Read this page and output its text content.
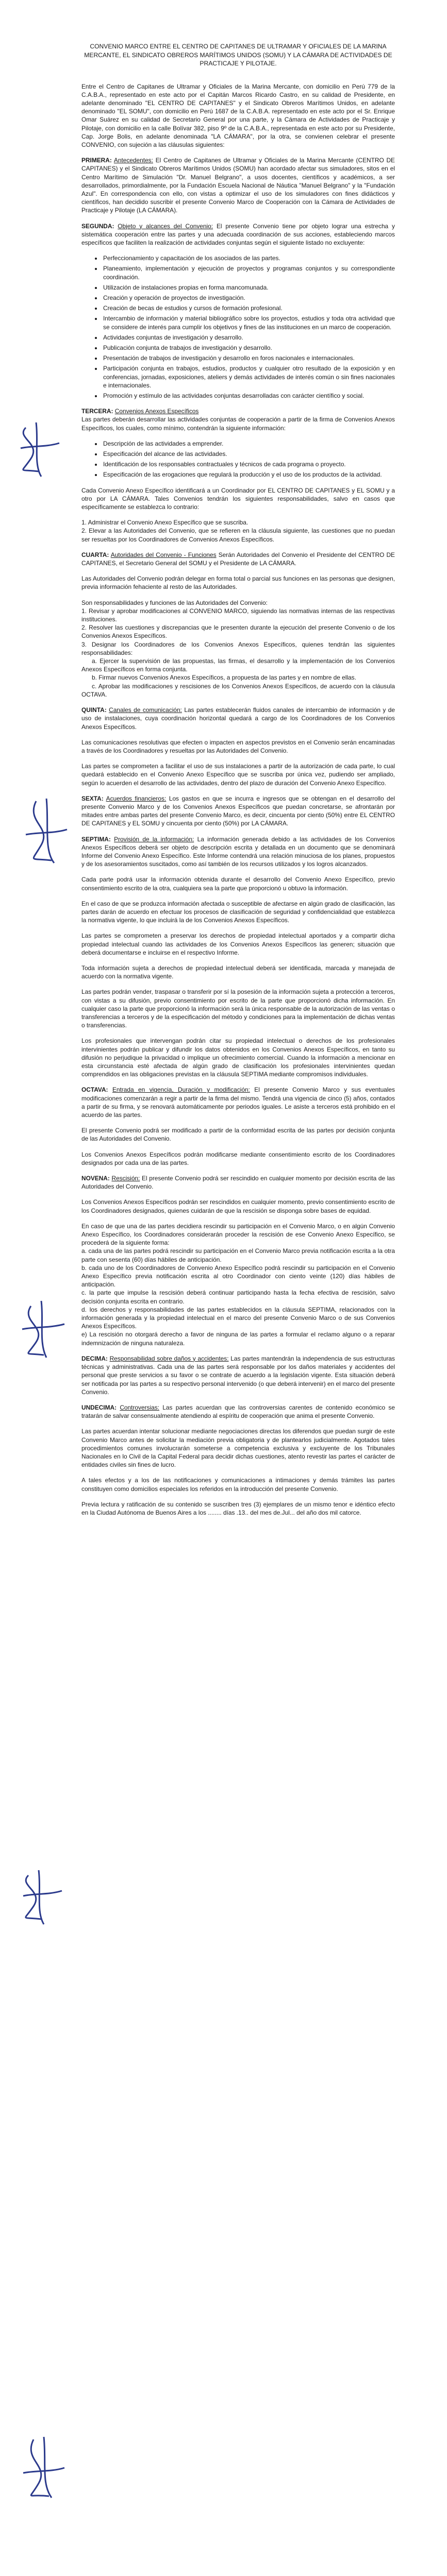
CONVENIO MARCO ENTRE EL CENTRO DE CAPITANES DE ULTRAMAR Y OFICIALES DE LA MARINA MERCANTE, EL SINDICATO OBREROS MARÍTIMOS UNIDOS (SOMU) Y LA CÁMARA DE ACTIVIDADES DE PRACTICAJE Y PILOTAJE.

Entre el Centro de Capitanes de Ultramar y Oficiales de la Marina Mercante, con domicilio en Perú 779 de la C.A.B.A., representado en este acto por el Capitán Marcos Ricardo Castro, en su calidad de Presidente, en adelante denominado "EL CENTRO DE CAPITANES" y el Sindicato Obreros Marítimos Unidos, en adelante denominado "EL SOMU", con domicilio en Perú 1687 de la C.A.B.A. representado en este acto por el Sr. Enrique Omar Suárez en su calidad de Secretario General por una parte, y la Cámara de Actividades de Practicaje y Pilotaje, con domicilio en la calle Bolívar 382, piso 9º de la C.A.B.A., representada en este acto por su Presidente, Cap. Jorge Bolis, en adelante denominada "LA CÁMARA", por la otra, se convienen celebrar el presente CONVENIO, con sujeción a las cláusulas siguientes:

PRIMERA: Antecedentes: El Centro de Capitanes de Ultramar y Oficiales de la Marina Mercante (CENTRO DE CAPITANES) y el Sindicato Obreros Marítimos Unidos (SOMU) han acordado afectar sus simuladores, sitos en el Centro Marítimo de Simulación "Dr. Manuel Belgrano", a usos docentes, científicos y académicos, a ser desarrollados, primordialmente, por la Fundación Escuela Nacional de Náutica "Manuel Belgrano" y la "Fundación Azul". En correspondencia con ello, con vistas a optimizar el uso de los simuladores con fines didácticos y científicos, han decidido suscribir el presente Convenio Marco de Cooperación con la Cámara de Actividades de Practicaje y Pilotaje (LA CÁMARA).

SEGUNDA: Objeto y alcances del Convenio: El presente Convenio tiene por objeto lograr una estrecha y sistemática cooperación entre las partes y una adecuada coordinación de sus acciones, estableciendo marcos específicos que faciliten la realización de actividades conjuntas según el siguiente listado no excluyente:

• Perfeccionamiento y capacitación de los asociados de las partes.
• Planeamiento, implementación y ejecución de proyectos y programas conjuntos y su correspondiente coordinación.
• Utilización de instalaciones propias en forma mancomunada.
• Creación y operación de proyectos de investigación.
• Creación de becas de estudios y cursos de formación profesional.
• Intercambio de información y material bibliográfico sobre los proyectos, estudios y toda otra actividad que se considere de interés para cumplir los objetivos y fines de las instituciones en un marco de cooperación.
• Actividades conjuntas de investigación y desarrollo.
• Publicación conjunta de trabajos de investigación y desarrollo.
• Presentación de trabajos de investigación y desarrollo en foros nacionales e internacionales.
• Participación conjunta en trabajos, estudios, productos y cualquier otro resultado de la exposición y en conferencias, jornadas, exposiciones, ateliers y demás actividades de interés común o sin fines nacionales e internacionales.
• Promoción y estímulo de las actividades conjuntas desarrolladas con carácter científico y social.

TERCERA: Convenios Anexos Específicos
Las partes deberán desarrollar las actividades conjuntas de cooperación a partir de la firma de Convenios Anexos Específicos, los cuales, como mínimo, contendrán la siguiente información:

• Descripción de las actividades a emprender.
• Especificación del alcance de las actividades.
• Identificación de los responsables contractuales y técnicos de cada programa o proyecto.
• Especificación de las erogaciones que regulará la producción y el uso de los productos de la actividad.

Cada Convenio Anexo Específico identificará a un Coordinador por EL CENTRO DE CAPITANES y EL SOMU y a otro por LA CÁMARA. Tales Convenios tendrán los siguientes responsabilidades, salvo en casos que específicamente se establezca lo contrario:

1. Administrar el Convenio Anexo Específico que se suscriba.
2. Elevar a las Autoridades del Convenio, que se refieren en la cláusula siguiente, las cuestiones que no puedan ser resueltas por los Coordinadores de Convenios Anexos Específicos.

CUARTA: Autoridades del Convenio - Funciones Serán Autoridades del Convenio el Presidente del CENTRO DE CAPITANES, el Secretario General del SOMU y el Presidente de LA CÁMARA.

Las Autoridades del Convenio podrán delegar en forma total o parcial sus funciones en las personas que designen, previa información fehaciente al resto de las Autoridades.

Son responsabilidades y funciones de las Autoridades del Convenio:
1. Revisar y aprobar modificaciones al CONVENIO MARCO, siguiendo las normativas internas de las respectivas instituciones.
2. Resolver las cuestiones y discrepancias que le presenten durante la ejecución del presente Convenio o de los Convenios Anexos Específicos.
3. Designar los Coordinadores de los Convenios Anexos Específicos, quienes tendrán las siguientes responsabilidades:
a. Ejercer la supervisión de las propuestas, las firmas, el desarrollo y la implementación de los Convenios Anexos Específicos en forma conjunta.
b. Firmar nuevos Convenios Anexos Específicos, a propuesta de las partes y en nombre de ellas.
c. Aprobar las modificaciones y rescisiones de los Convenios Anexos Específicos, de acuerdo con la cláusula OCTAVA.

QUINTA: Canales de comunicación: Las partes establecerán fluidos canales de intercambio de información y de uso de instalaciones, cuya coordinación horizontal quedará a cargo de los Coordinadores de los Convenios Anexos Específicos.

Las comunicaciones resolutivas que efecten o impacten en aspectos previstos en el Convenio serán encaminadas a través de los Coordinadores y resueltas por las Autoridades del Convenio.

Las partes se comprometen a facilitar el uso de sus instalaciones a partir de la autorización de cada parte, lo cual quedará establecido en el Convenio Anexo Específico que se suscriba por única vez, pudiendo ser ampliado, según lo acuerden el desarrollo de las actividades, dentro del plazo de duración del Convenio Anexo Específico.

SEXTA: Acuerdos financieros: Los gastos en que se incurra e ingresos que se obtengan en el desarrollo del presente Convenio Marco y de los Convenios Anexos Específicos que puedan concretarse, se afrontarán por mitades entre ambas partes del presente Convenio Marco, es decir, cincuenta por ciento (50%) entre EL CENTRO DE CAPITANES y EL SOMU y cincuenta por ciento (50%) por LA CÁMARA.

SEPTIMA: Provisión de la información: La información generada debido a las actividades de los Convenios Anexos Específicos deberá ser objeto de descripción escrita y detallada en un documento que se denominará Informe del Convenio Anexo Específico. Este Informe contendrá una relación minuciosa de los planes, propuestos y de los asesoramientos suscitados, como así también de los recursos utilizados y los logros alcanzados.

Cada parte podrá usar la información obtenida durante el desarrollo del Convenio Anexo Específico, previo consentimiento escrito de la otra, cualquiera sea la parte que proporcionó u obtuvo la información.

En el caso de que se produzca información afectada o susceptible de afectarse en algún grado de clasificación, las partes darán de acuerdo en efectuar los procesos de clasificación de seguridad y confidencialidad que establezca la normativa vigente, lo que incluirá la de los Convenios Anexos Específicos.

Las partes se comprometen a preservar los derechos de propiedad intelectual aportados y a compartir dicha propiedad intelectual cuando las actividades de los Convenios Anexos Específicos las generen; situación que deberá documentarse e incluirse en el respectivo Informe.

Toda información sujeta a derechos de propiedad intelectual deberá ser identificada, marcada y manejada de acuerdo con la normativa vigente.

Las partes podrán vender, traspasar o transferir por sí la posesión de la información sujeta a protección a terceros, con vistas a su difusión, previo consentimiento por escrito de la parte que proporcionó dicha información. En cualquier caso la parte que proporcionó la información será la única responsable de la autorización de las ventas o transferencias a terceros y de la especificación del método y condiciones para la implementación de dichas ventas o transferencias.

Los profesionales que intervengan podrán citar su propiedad intelectual o derechos de los profesionales intervinientes podrán publicar y difundir los datos obtenidos en los Convenios Anexos Específicos, en tanto su difusión no perjudique la privacidad o implique un ofrecimiento comercial. Cuando la información a mencionar en esta circunstancia esté afectada de algún grado de clasificación los profesionales intervinientes quedan comprendidos en las obligaciones previstas en la cláusula SEPTIMA mediante compromisos individuales.

OCTAVA: Entrada en vigencia, Duración y modificación: El presente Convenio Marco y sus eventuales modificaciones comenzarán a regir a partir de la firma del mismo. Tendrá una vigencia de cinco (5) años, contados a partir de su firma, y se renovará automáticamente por periodos iguales. Le asiste a terceros está prohibido en el acuerdo de las partes.

El presente Convenio podrá ser modificado a partir de la conformidad escrita de las partes por decisión conjunta de las Autoridades del Convenio.

Los Convenios Anexos Específicos podrán modificarse mediante consentimiento escrito de los Coordinadores designados por cada una de las partes.

NOVENA: Rescisión: El presente Convenio podrá ser rescindido en cualquier momento por decisión escrita de las Autoridades del Convenio.

Los Convenios Anexos Específicos podrán ser rescindidos en cualquier momento, previo consentimiento escrito de los Coordinadores designados, quienes cuidarán de que la rescisión se disponga sobre bases de equidad.

En caso de que una de las partes decidiera rescindir su participación en el Convenio Marco, o en algún Convenio Anexo Específico, los Coordinadores considerarán proceder la rescisión de ese Convenio Anexo Específico, se procederá de la siguiente forma:
a. cada una de las partes podrá rescindir su participación en el Convenio Marco previa notificación escrita a la otra parte con sesenta (60) días hábiles de anticipación.
b. cada uno de los Coordinadores de Convenio Anexo Específico podrá rescindir su participación en el Convenio Anexo Específico previa notificación escrita al otro Coordinador con ciento veinte (120) días hábiles de anticipación.
c. la parte que impulse la rescisión deberá continuar participando hasta la fecha efectiva de rescisión, salvo decisión conjunta escrita en contrario.
d. los derechos y responsabilidades de las partes establecidos en la cláusula SEPTIMA, relacionados con la información generada y la propiedad intelectual en el marco del presente Convenio Marco o de sus Convenios Anexos Específicos.
e) La rescisión no otorgará derecho a favor de ninguna de las partes a formular el reclamo alguno o a reparar indemnización de ninguna naturaleza.

DECIMA: Responsabilidad sobre daños y accidentes: Las partes mantendrán la independencia de sus estructuras técnicas y administrativas. Cada una de las partes será responsable por los daños materiales y accidentes del personal que preste servicios a su favor o se contrate de acuerdo a la legislación vigente. Esta situación deberá ser notificada por las partes a su respectivo personal intervenido (o que deberá intervenir) en el marco del presente Convenio.

UNDECIMA: Controversias: Las partes acuerdan que las controversias carentes de contenido económico se tratarán de salvar consensualmente atendiendo al espíritu de cooperación que anima el presente Convenio.

Las partes acuerdan intentar solucionar mediante negociaciones directas los diferendos que puedan surgir de este Convenio Marco antes de solicitar la mediación previa obligatoria y de plantearlos judicialmente. Agotados tales procedimientos comunes involucrarán someterse a competencia exclusiva y excluyente de los Tribunales Nacionales en lo Civil de la Capital Federal para decidir dichas cuestiones, atento revestir las partes el carácter de entidades civiles sin fines de lucro.

A tales efectos y a los de las notificaciones y comunicaciones a intimaciones y demás trámites las partes constituyen como domicilios especiales los referidos en la introducción del presente Convenio.

Previa lectura y ratificación de su contenido se suscriben tres (3) ejemplares de un mismo tenor e idéntico efecto en la Ciudad Autónoma de Buenos Aires a los ........ días .13.. del mes de.Jul... del año dos mil catorce.
